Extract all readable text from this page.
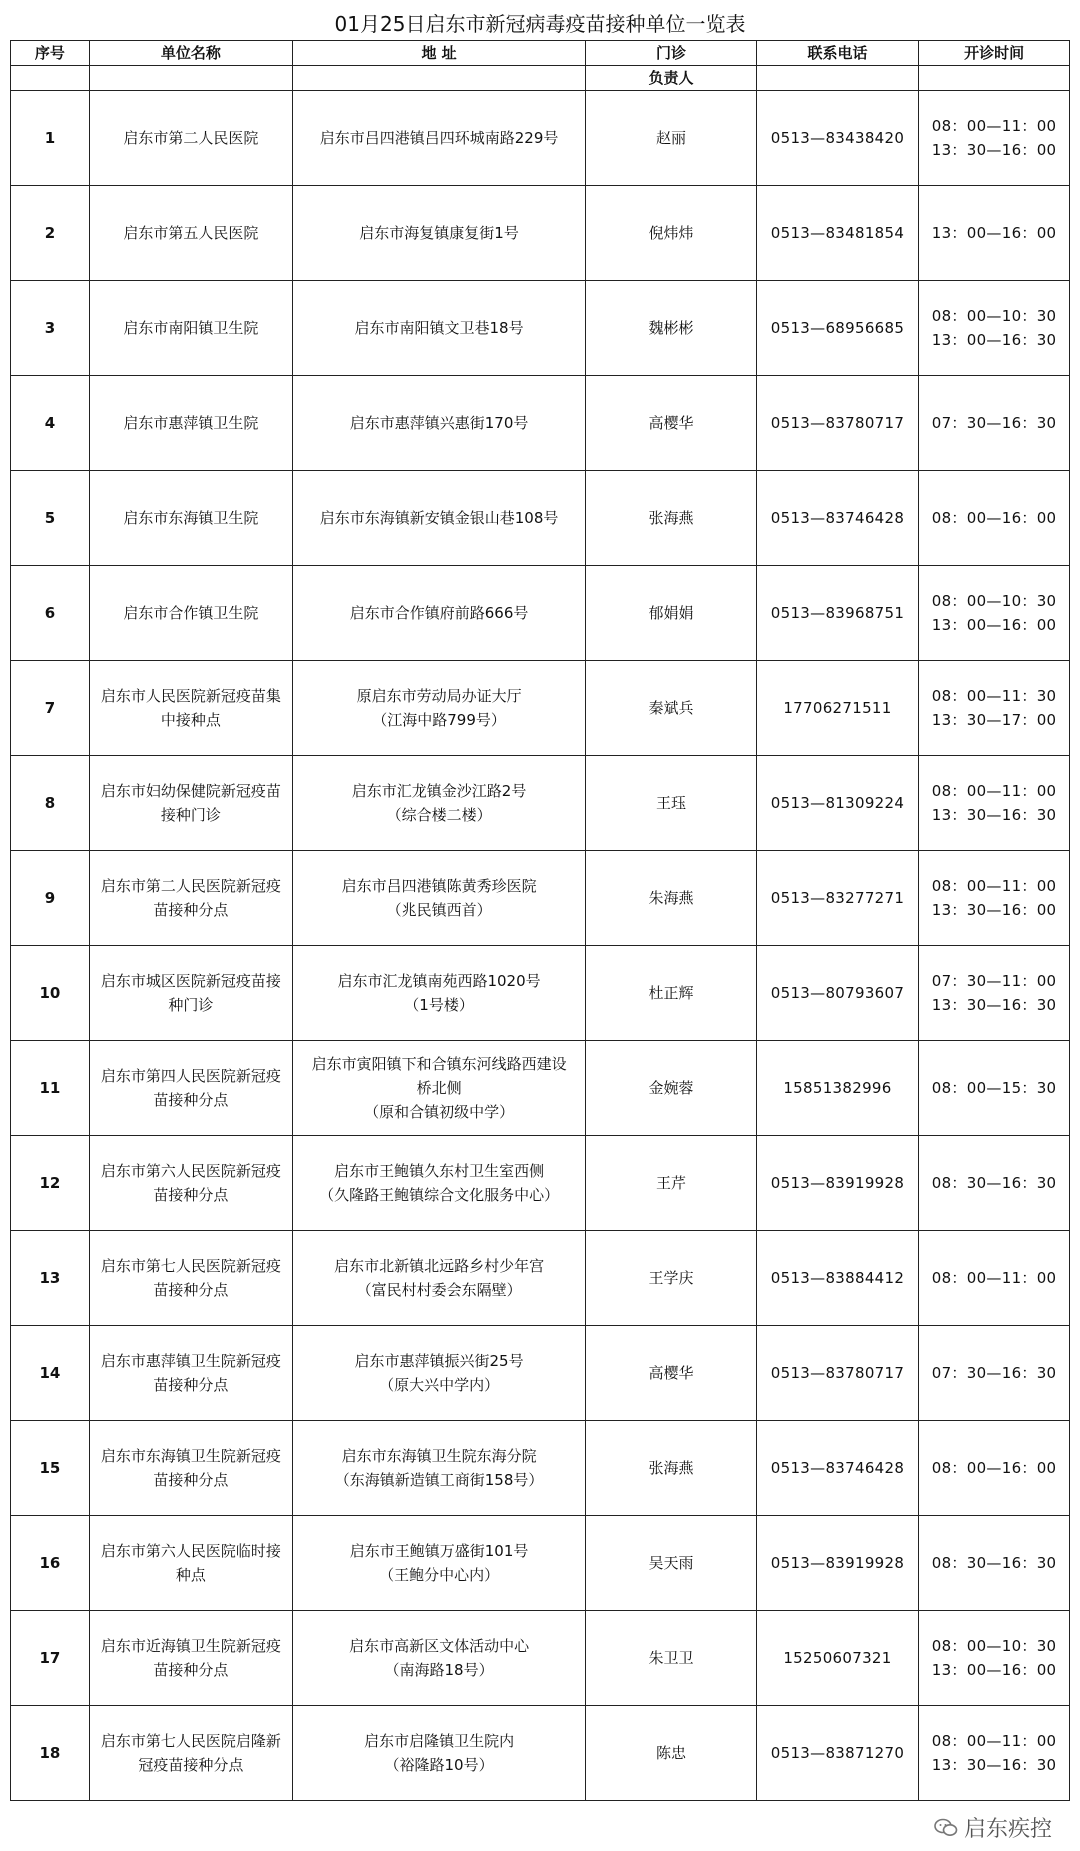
01月25日启东市新冠病毒疫苗接种单位一览表
序号	单位名称	地 址	门诊	联系电话	开诊时间
			负责人		
1	启东市第二人民医院	启东市吕四港镇吕四环城南路229号	赵丽	0513—83438420	08：00—11：00
13：30—16：00

2	启东市第五人民医院	启东市海复镇康复街1号	倪炜炜	0513—83481854	13：00—16：00

3	启东市南阳镇卫生院	启东市南阳镇文卫巷18号	魏彬彬	0513—68956685	08：00—10：30
13：00—16：30

4	启东市惠萍镇卫生院	启东市惠萍镇兴惠街170号	高樱华	0513—83780717	07：30—16：30

5	启东市东海镇卫生院	启东市东海镇新安镇金银山巷108号	张海燕	0513—83746428	08：00—16：00

6	启东市合作镇卫生院	启东市合作镇府前路666号	郁娟娟	0513—83968751	08：00—10：30
13：00—16：00

7	启东市人民医院新冠疫苗集
中接种点	原启东市劳动局办证大厅
（江海中路799号）	秦斌兵	17706271511	08：00—11：30
13：30—17：00

8	启东市妇幼保健院新冠疫苗
接种门诊	启东市汇龙镇金沙江路2号
（综合楼二楼）	王珏	0513—81309224	08：00—11：00
13：30—16：30

9	启东市第二人民医院新冠疫
苗接种分点	启东市吕四港镇陈黄秀珍医院
（兆民镇西首）	朱海燕	0513—83277271	08：00—11：00
13：30—16：00

10	启东市城区医院新冠疫苗接
种门诊	启东市汇龙镇南苑西路1020号
（1号楼）	杜正辉	0513—80793607	07：30—11：00
13：30—16：30

11	启东市第四人民医院新冠疫
苗接种分点	启东市寅阳镇下和合镇东河线路西建设
桥北侧
（原和合镇初级中学）	金婉蓉	15851382996	08：00—15：30

12	启东市第六人民医院新冠疫
苗接种分点	启东市王鲍镇久东村卫生室西侧
（久隆路王鲍镇综合文化服务中心）	王芹	0513—83919928	08：30—16：30

13	启东市第七人民医院新冠疫
苗接种分点	启东市北新镇北远路乡村少年宫
（富民村村委会东隔壁）	王学庆	0513—83884412	08：00—11：00

14	启东市惠萍镇卫生院新冠疫
苗接种分点	启东市惠萍镇振兴街25号
（原大兴中学内）	高樱华	0513—83780717	07：30—16：30

15	启东市东海镇卫生院新冠疫
苗接种分点	启东市东海镇卫生院东海分院
（东海镇新造镇工商街158号）	张海燕	0513—83746428	08：00—16：00

16	启东市第六人民医院临时接
种点	启东市王鲍镇万盛街101号
（王鲍分中心内）	吴天雨	0513—83919928	08：30—16：30

17	启东市近海镇卫生院新冠疫
苗接种分点	启东市高新区文体活动中心
（南海路18号）	朱卫卫	15250607321	08：00—10：30
13：00—16：00

18	启东市第七人民医院启隆新
冠疫苗接种分点	启东市启隆镇卫生院内
（裕隆路10号）	陈忠	0513—83871270	08：00—11：00
13：30—16：30
启东疾控
